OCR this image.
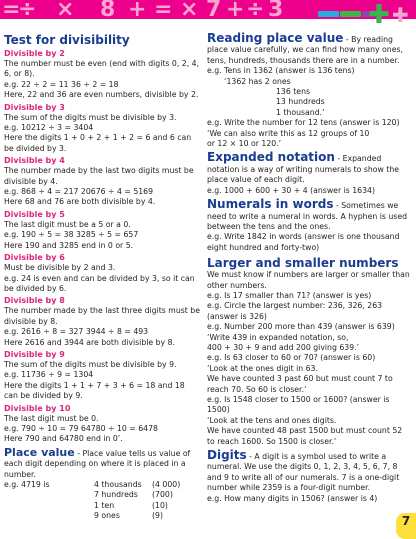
=
÷ × 8 + = × 7 + ÷ 3	✚ ✚

Test for divisibility

Divisible by 2

The number must be even (end with digits 0, 2, 4, 6, or 8).

e.g. 22 ÷ 2 = 11 36 ÷ 2 = 18

Here, 22 and 36 are even numbers, divisible by 2.

Divisible by 3

The sum of the digits must be divisible by 3.

e.g. 10212 ÷ 3 = 3404

Here the digits 1 + 0 + 2 + 1 + 2 = 6 and 6 can be divided by 3.

Divisible by 4

The number made by the last two digits must be divisible by 4.

e.g. 868 ÷ 4 = 217 20676 ÷ 4 = 5169

Here 68 and 76 are both divisible by 4.

Divisible by 5

The last digit must be a 5 or a 0.

e.g. 190 ÷ 5 = 38 3285 ÷ 5 = 657

Here 190 and 3285 end in 0 or 5.

Divisible by 6

Must be divisible by 2 and 3.

e.g. 24 is even and can be divided by 3, so it can be divided by 6.

Divisible by 8

The number made by the last three digits must be divisible by 8.

e.g. 2616 ÷ 8 = 327 3944 ÷ 8 = 493

Here 2616 and 3944 are both divisible by 8.

Divisible by 9

The sum of the digits must be divisible by 9.

e.g. 11736 ÷ 9 = 1304

Here the digits 1 + 1 + 7 + 3 + 6 = 18 and 18 can be divided by 9.

Divisible by 10

The last digit must be 0.

e.g. 790 ÷ 10 = 79 64780 ÷ 10 = 6478

Here 790 and 64780 end in 0’.

Place value - Place value tells us value of each digit depending on where it is placed in a number.

e.g. 4719 is	4 thousands	(4 000)
7 hundreds	(700)
1 ten	(10)
9 ones	(9)

Reading place value - By reading place value carefully, we can find how many ones, tens, hundreds, thousands there are in a number.

e.g. Tens in 1362 (answer is 136 tens)

‘1362 has 2 ones

136 tens

13 hundreds

1 thousand.’

e.g. Write the number for 12 tens (answer is 120)

‘We can also write this as 12 groups of 10

or 12 × 10 or 120.’

Expanded notation - Expanded notation is a way of writing numerals to show the place value of each digit.

e.g. 1000 + 600 + 30 + 4 (answer is 1634)

Numerals in words - Sometimes we need to write a numeral in words. A hyphen is used between the tens and the ones.

e.g. Write 1842 in words (answer is one thousand eight hundred and forty-two)

Larger and smaller numbers

We must know if numbers are larger or smaller than other numbers.

e.g. Is 17 smaller than 71? (answer is yes)

e.g. Circle the largest number: 236, 326, 263 (answer is 326)

e.g. Number 200 more than 439 (answer is 639)

‘Write 439 in expanded notation, so,

400 + 30 + 9 and add 200 giving 639.’

e.g. Is 63 closer to 60 or 70? (answer is 60)

‘Look at the ones digit in 63.

We have counted 3 past 60 but must count 7 to reach 70. So 60 is closer.’

e.g. Is 1548 closer to 1500 or 1600? (answer is 1500)

‘Look at the tens and ones digits.

We have counted 48 past 1500 but must count 52 to reach 1600. So 1500 is closer.’

Digits - A digit is a symbol used to write a numeral. We use the digits 0, 1, 2, 3, 4, 5, 6, 7, 8 and 9 to write all of our numerals. 7 is a one-digit number while 2359 is a four-digit number.

e.g. How many digits in 1506? (answer is 4)

7
